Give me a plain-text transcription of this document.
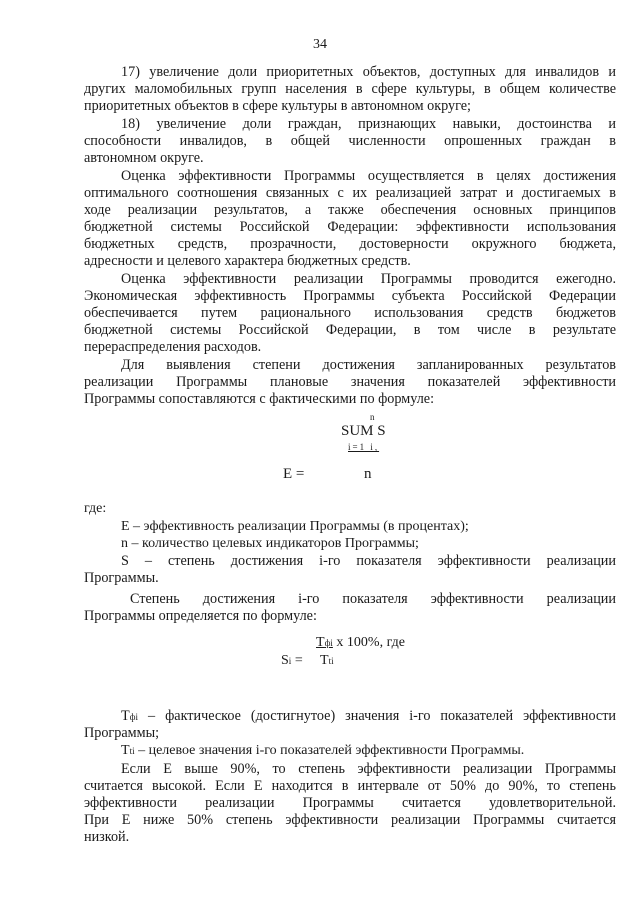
34
17) увеличение доли приоритетных объектов, доступных для инвалидов и
других маломобильных групп населения в сфере культуры, в общем количестве
приоритетных объектов в сфере культуры в автономном округе;
18) увеличение доли граждан, признающих навыки, достоинства и
способности инвалидов, в общей численности опрошенных граждан в
автономном округе.
Оценка эффективности Программы осуществляется в целях достижения
оптимального соотношения связанных с их реализацией затрат и достигаемых в
ходе реализации результатов, а также обеспечения основных принципов
бюджетной системы Российской Федерации: эффективности использования
бюджетных средств, прозрачности, достоверности окружного бюджета,
адресности и целевого характера бюджетных средств.
Оценка эффективности реализации Программы проводится ежегодно.
Экономическая эффективность Программы субъекта Российской Федерации
обеспечивается путем рационального использования средств бюджетов
бюджетной системы Российской Федерации, в том числе в результате
перераспределения расходов.
Для выявления степени достижения запланированных результатов
реализации Программы плановые значения показателей эффективности
Программы сопоставляются с фактическими по формуле:
n
SUM S
i=1 i,
E =	n
где:
Е – эффективность реализации Программы (в процентах);
n – количество целевых индикаторов Программы;
S – степень достижения i-го показателя эффективности реализации
Программы.
Степень достижения i-го показателя эффективности реализации
Программы определяется по формуле:
Тфi x 100%, где
Si = Тti
Тфi – фактическое (достигнутое) значения i-го показателей эффективности
Программы;
Тti – целевое значения i-го показателей эффективности Программы.
Если Е выше 90%, то степень эффективности реализации Программы
считается высокой. Если Е находится в интервале от 50% до 90%, то степень
эффективности реализации Программы считается удовлетворительной.
При Е ниже 50% степень эффективности реализации Программы считается
низкой.
